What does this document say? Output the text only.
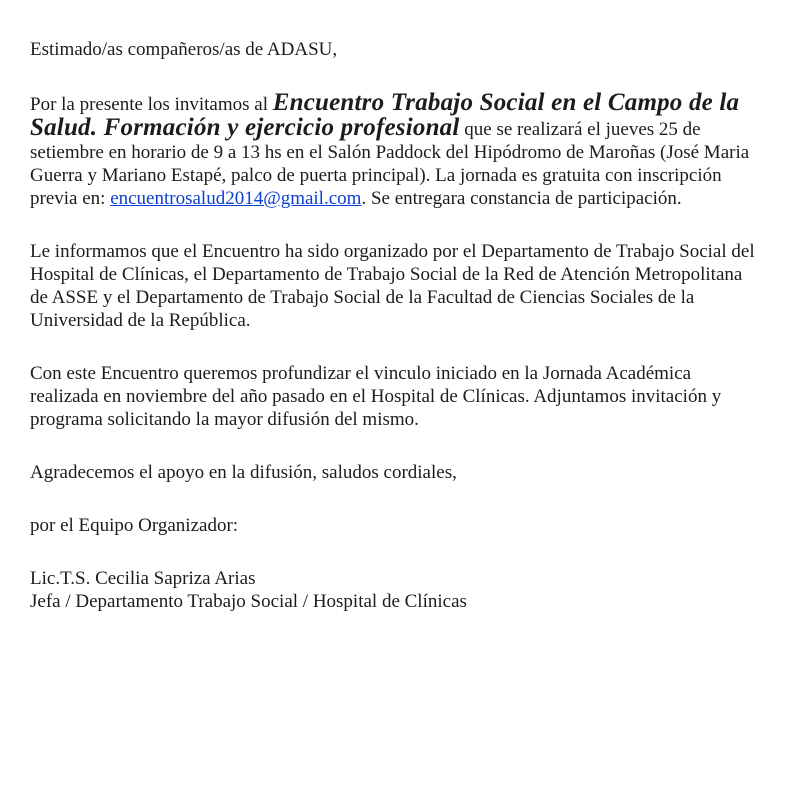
Estimado/as compañeros/as de ADASU,

Por la presente los invitamos al Encuentro Trabajo Social en el Campo de la Salud. Formación y ejercicio profesional que se realizará el jueves 25 de setiembre en horario de 9 a 13 hs en el Salón Paddock del Hipódromo de Maroñas (José Maria Guerra y Mariano Estapé, palco de puerta principal). La jornada es gratuita con inscripción previa en: encuentrosalud2014@gmail.com. Se entregara constancia de participación.

Le informamos que el Encuentro ha sido organizado por el Departamento de Trabajo Social del Hospital de Clínicas, el Departamento de Trabajo Social de la Red de Atención Metropolitana de ASSE y el Departamento de Trabajo Social de la Facultad de Ciencias Sociales de la Universidad de la República.

Con este Encuentro queremos profundizar el vinculo iniciado en la Jornada Académica realizada en noviembre del año pasado en el Hospital de Clínicas. Adjuntamos invitación y programa solicitando la mayor difusión del mismo.

Agradecemos el apoyo en la difusión, saludos cordiales,

por el Equipo Organizador:

Lic.T.S. Cecilia Sapriza Arias

Jefa / Departamento Trabajo Social / Hospital de Clínicas
